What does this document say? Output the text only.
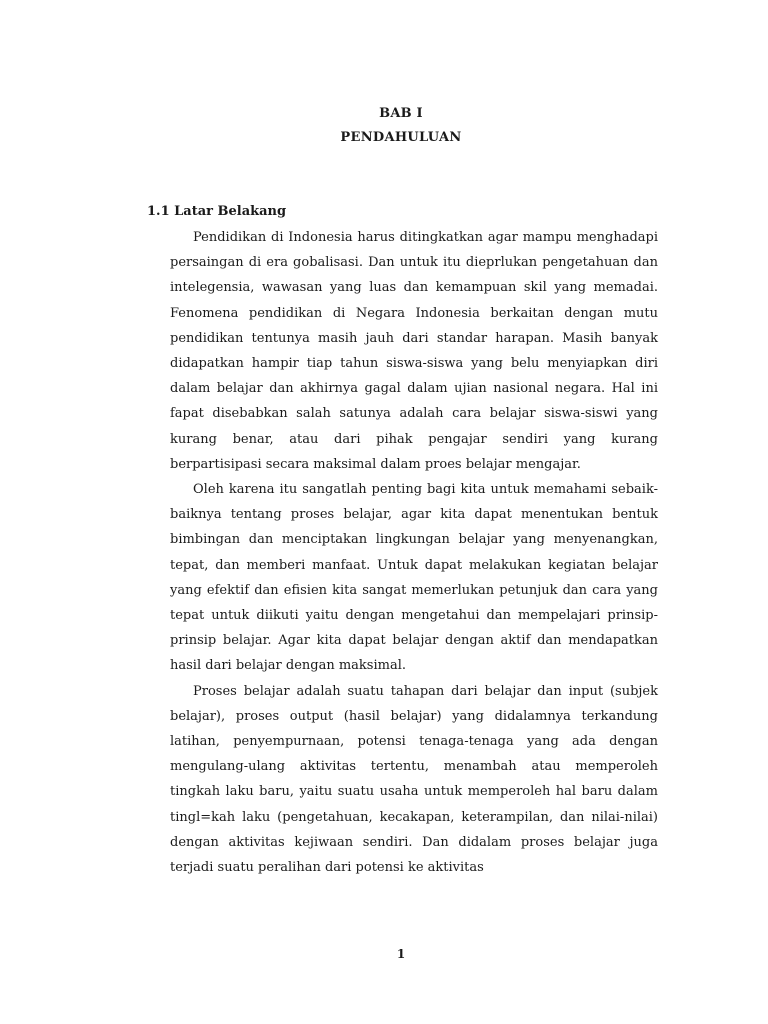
BAB I
PENDAHULUAN
1.1 Latar Belakang

Pendidikan di Indonesia harus ditingkatkan agar mampu menghadapi persaingan di era gobalisasi. Dan untuk itu dieprlukan pengetahuan dan intelegensia, wawasan yang luas dan kemampuan skil yang memadai. Fenomena pendidikan di Negara Indonesia berkaitan dengan mutu pendidikan tentunya masih jauh dari standar harapan. Masih banyak didapatkan hampir tiap tahun siswa-siswa yang belu menyiapkan diri dalam belajar dan akhirnya gagal dalam ujian nasional negara. Hal ini fapat disebabkan salah satunya adalah cara belajar siswa-siswi yang kurang benar, atau dari pihak pengajar sendiri yang kurang berpartisipasi secara maksimal dalam proes belajar mengajar.

Oleh karena itu sangatlah penting bagi kita untuk memahami sebaik-baiknya tentang proses belajar, agar kita dapat menentukan bentuk bimbingan dan menciptakan lingkungan belajar yang menyenangkan, tepat, dan memberi manfaat. Untuk dapat melakukan kegiatan belajar yang efektif dan efisien kita sangat memerlukan petunjuk dan cara yang tepat untuk diikuti yaitu dengan mengetahui dan mempelajari prinsip-prinsip belajar. Agar kita dapat belajar dengan aktif dan mendapatkan hasil dari belajar dengan maksimal.

Proses belajar adalah suatu tahapan dari belajar dan input (subjek belajar), proses output (hasil belajar) yang didalamnya terkandung latihan, penyempurnaan, potensi tenaga-tenaga yang ada dengan mengulang-ulang aktivitas tertentu, menambah atau memperoleh tingkah laku baru, yaitu suatu usaha untuk memperoleh hal baru dalam tingl=kah laku (pengetahuan, kecakapan, keterampilan, dan nilai-nilai) dengan aktivitas kejiwaan sendiri. Dan didalam proses belajar juga terjadi suatu peralihan dari potensi ke aktivitas

1
